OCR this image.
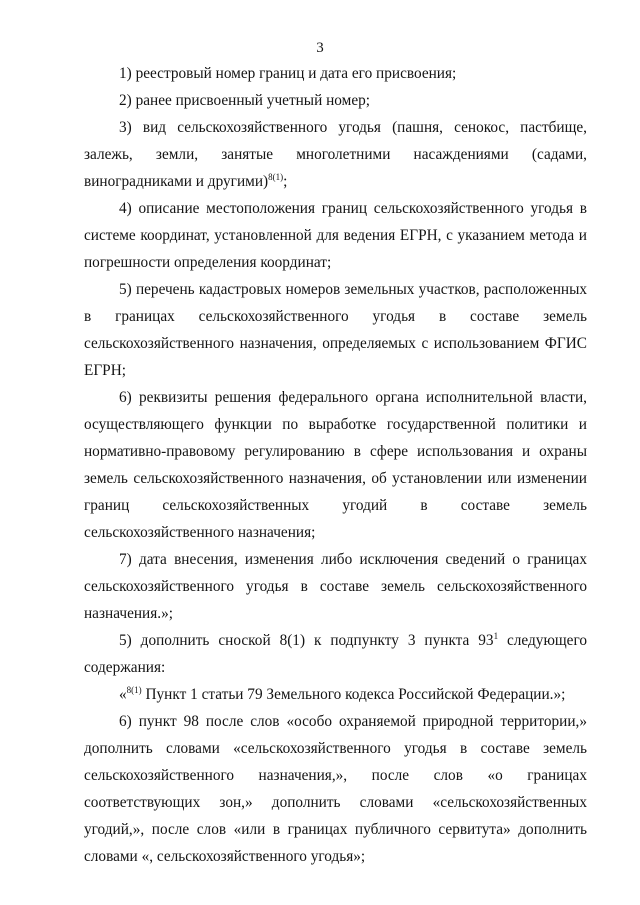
3

1) реестровый номер границ и дата его присвоения;

2) ранее присвоенный учетный номер;

3) вид сельскохозяйственного угодья (пашня, сенокос, пастбище, залежь, земли, занятые многолетними насаждениями (садами, виноградниками и другими)$^{8(1)}$;

4) описание местоположения границ сельскохозяйственного угодья в системе координат, установленной для ведения ЕГРН, с указанием метода и погрешности определения координат;

5) перечень кадастровых номеров земельных участков, расположенных в границах сельскохозяйственного угодья в составе земель сельскохозяйственного назначения, определяемых с использованием ФГИС ЕГРН;

6) реквизиты решения федерального органа исполнительной власти, осуществляющего функции по выработке государственной политики и нормативно-правовому регулированию в сфере использования и охраны земель сельскохозяйственного назначения, об установлении или изменении границ сельскохозяйственных угодий в составе земель сельскохозяйственного назначения;

7) дата внесения, изменения либо исключения сведений о границах сельскохозяйственного угодья в составе земель сельскохозяйственного назначения.»;

5) дополнить сноской 8(1) к подпункту 3 пункта $93^1$ следующего содержания:

«$^{8(1)}$ Пункт 1 статьи 79 Земельного кодекса Российской Федерации.»;

6) пункт 98 после слов «особо охраняемой природной территории,» дополнить словами «сельскохозяйственного угодья в составе земель сельскохозяйственного назначения,», после слов «о границах соответствующих зон,» дополнить словами «сельскохозяйственных угодий,», после слов «или в границах публичного сервитута» дополнить словами «, сельскохозяйственного угодья»;
